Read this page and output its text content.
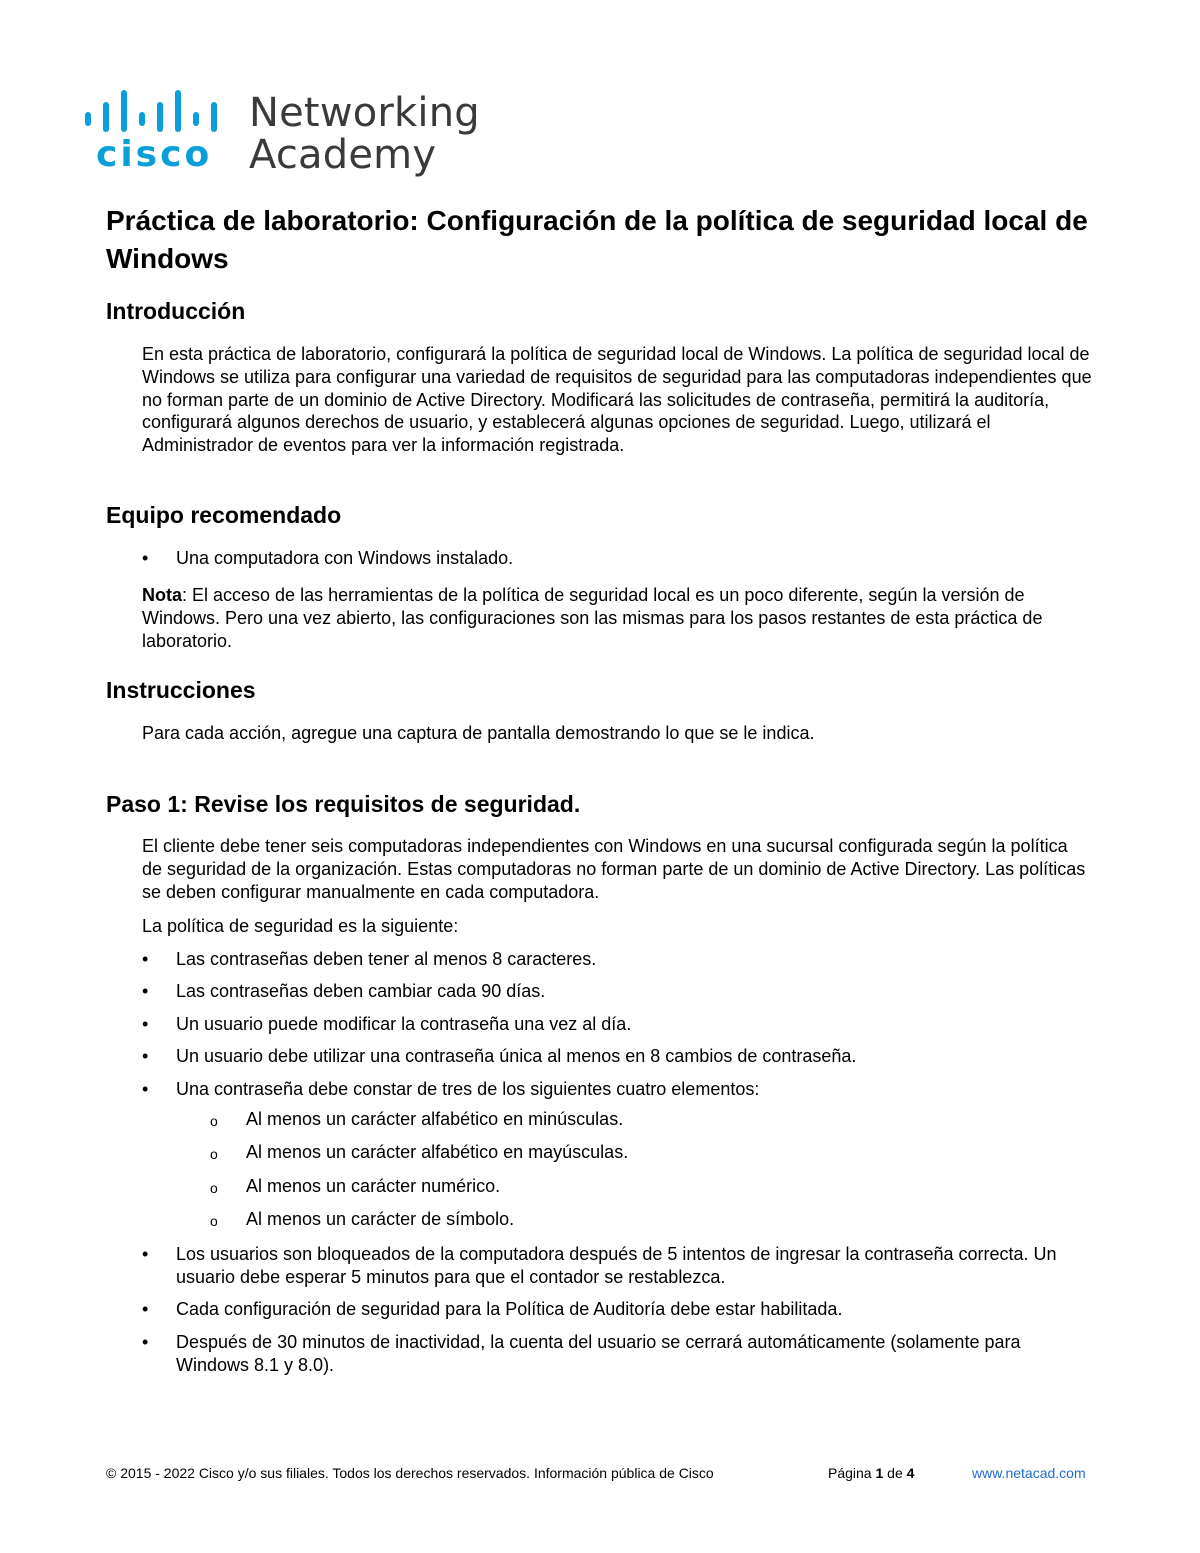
cisco
Networking
Academy
Práctica de laboratorio: Configuración de la política de seguridad local de Windows
Introducción

En esta práctica de laboratorio, configurará la política de seguridad local de Windows. La política de seguridad local de Windows se utiliza para configurar una variedad de requisitos de seguridad para las computadoras independientes que no forman parte de un dominio de Active Directory. Modificará las solicitudes de contraseña, permitirá la auditoría, configurará algunos derechos de usuario, y establecerá algunas opciones de seguridad. Luego, utilizará el Administrador de eventos para ver la información registrada.

Equipo recomendado
• Una computadora con Windows instalado.

Nota: El acceso de las herramientas de la política de seguridad local es un poco diferente, según la versión de Windows. Pero una vez abierto, las configuraciones son las mismas para los pasos restantes de esta práctica de laboratorio.

Instrucciones

Para cada acción, agregue una captura de pantalla demostrando lo que se le indica.

Paso 1: Revise los requisitos de seguridad.

El cliente debe tener seis computadoras independientes con Windows en una sucursal configurada según la política de seguridad de la organización. Estas computadoras no forman parte de un dominio de Active Directory. Las políticas se deben configurar manualmente en cada computadora.

La política de seguridad es la siguiente:

• Las contraseñas deben tener al menos 8 caracteres.
• Las contraseñas deben cambiar cada 90 días.
• Un usuario puede modificar la contraseña una vez al día.
• Un usuario debe utilizar una contraseña única al menos en 8 cambios de contraseña.
• Una contraseña debe constar de tres de los siguientes cuatro elementos:
o Al menos un carácter alfabético en minúsculas.
o Al menos un carácter alfabético en mayúsculas.
o Al menos un carácter numérico.
o Al menos un carácter de símbolo.
• Los usuarios son bloqueados de la computadora después de 5 intentos de ingresar la contraseña correcta. Un usuario debe esperar 5 minutos para que el contador se restablezca.
• Cada configuración de seguridad para la Política de Auditoría debe estar habilitada.
• Después de 30 minutos de inactividad, la cuenta del usuario se cerrará automáticamente (solamente para Windows 8.1 y 8.0).
© 2015 - 2022 Cisco y/o sus filiales. Todos los derechos reservados. Información pública de Cisco	Página 1 de 4	www.netacad.com
